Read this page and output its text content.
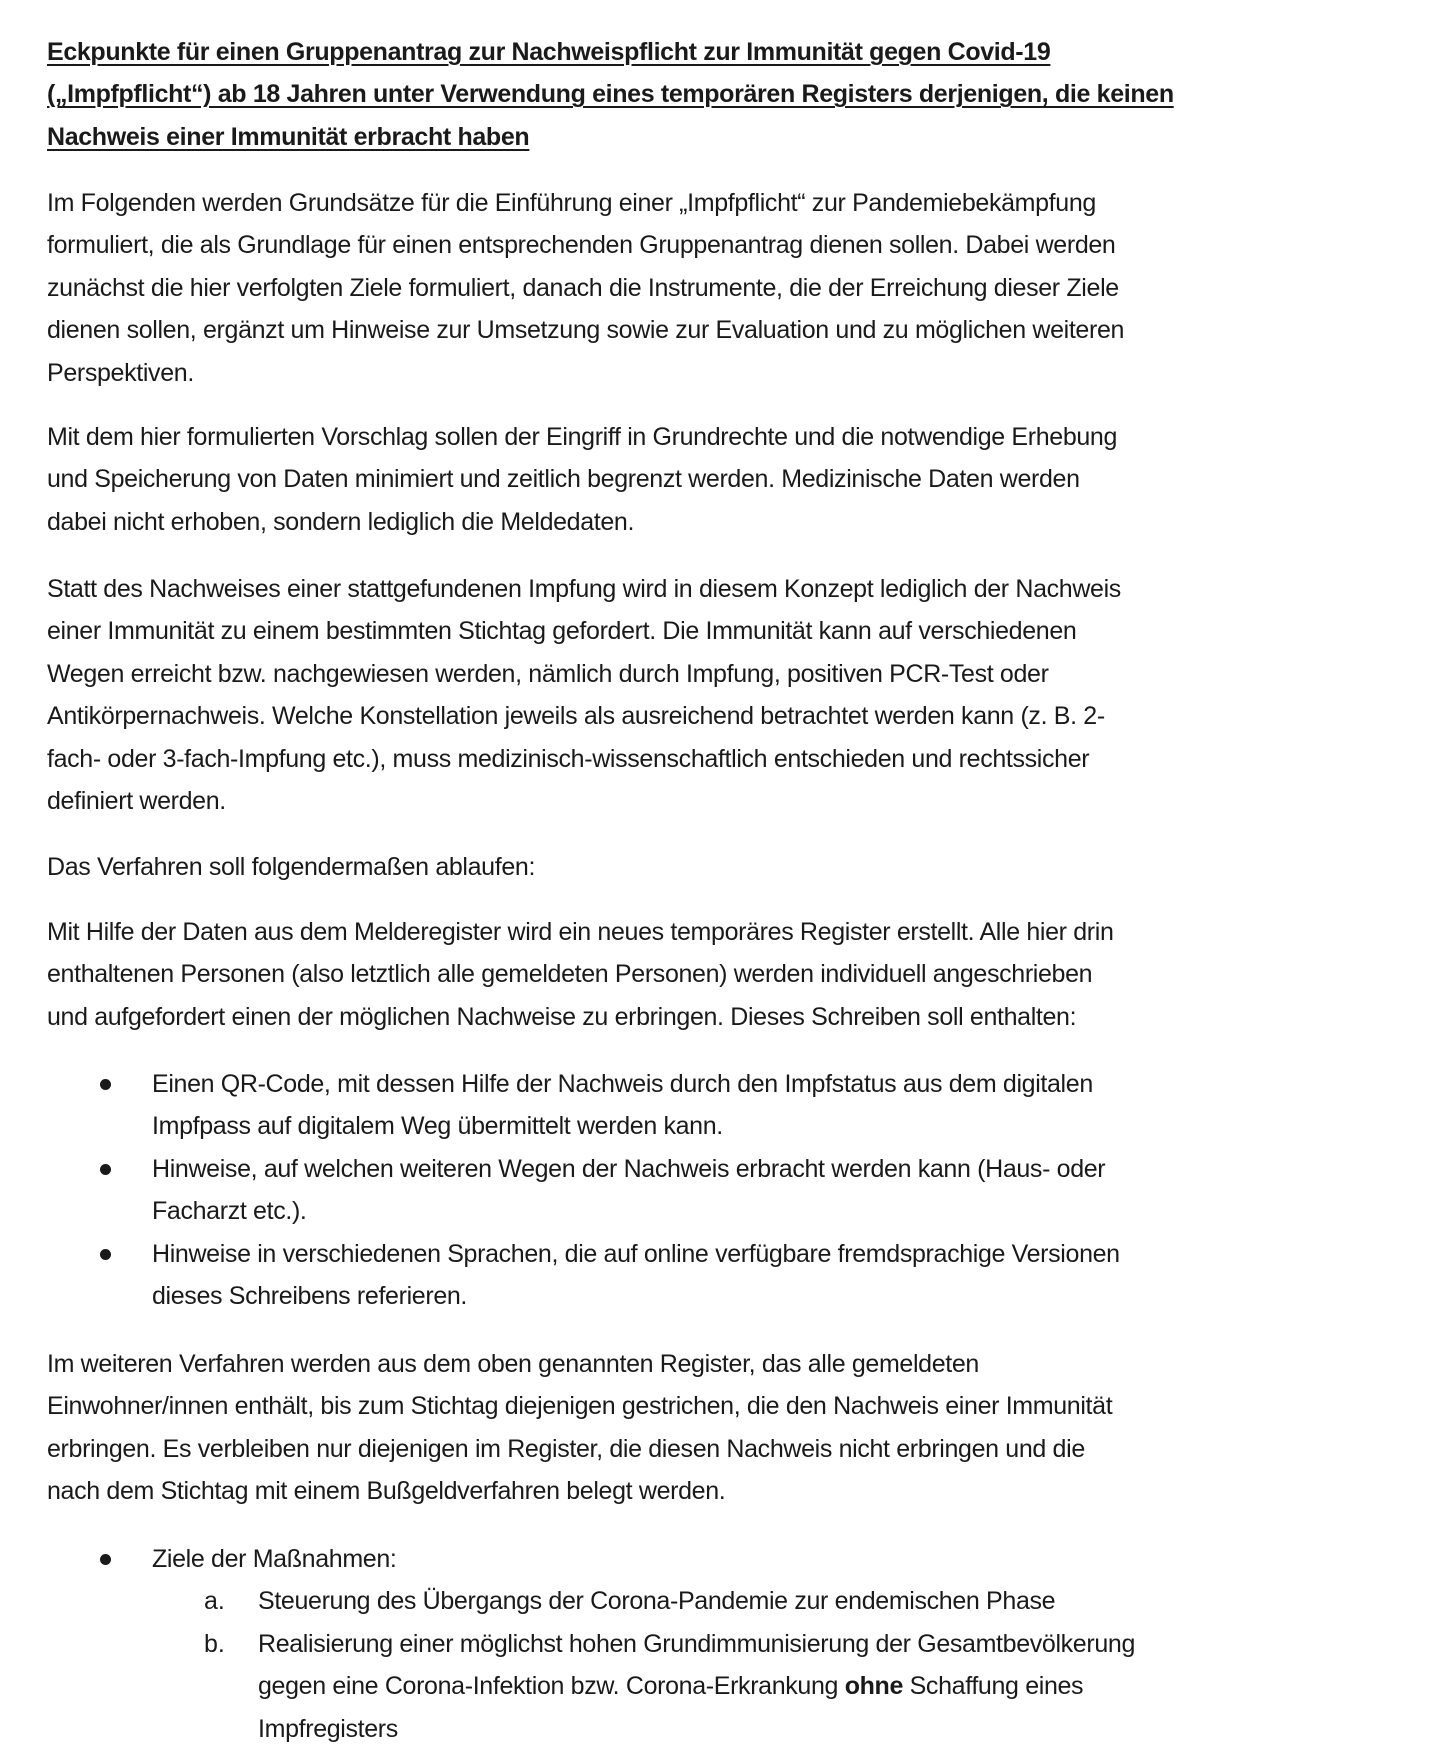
Eckpunkte für einen Gruppenantrag zur Nachweispflicht zur Immunität gegen Covid-19
(„Impfpflicht“) ab 18 Jahren unter Verwendung eines temporären Registers derjenigen, die keinen
Nachweis einer Immunität erbracht haben
Im Folgenden werden Grundsätze für die Einführung einer „Impfpflicht“ zur Pandemiebekämpfung
formuliert, die als Grundlage für einen entsprechenden Gruppenantrag dienen sollen. Dabei werden
zunächst die hier verfolgten Ziele formuliert, danach die Instrumente, die der Erreichung dieser Ziele
dienen sollen, ergänzt um Hinweise zur Umsetzung sowie zur Evaluation und zu möglichen weiteren
Perspektiven.
Mit dem hier formulierten Vorschlag sollen der Eingriff in Grundrechte und die notwendige Erhebung
und Speicherung von Daten minimiert und zeitlich begrenzt werden. Medizinische Daten werden
dabei nicht erhoben, sondern lediglich die Meldedaten.
Statt des Nachweises einer stattgefundenen Impfung wird in diesem Konzept lediglich der Nachweis
einer Immunität zu einem bestimmten Stichtag gefordert. Die Immunität kann auf verschiedenen
Wegen erreicht bzw. nachgewiesen werden, nämlich durch Impfung, positiven PCR-Test oder
Antikörpernachweis. Welche Konstellation jeweils als ausreichend betrachtet werden kann (z. B. 2-
fach- oder 3-fach-Impfung etc.), muss medizinisch-wissenschaftlich entschieden und rechtssicher
definiert werden.
Das Verfahren soll folgendermaßen ablaufen:
Mit Hilfe der Daten aus dem Melderegister wird ein neues temporäres Register erstellt. Alle hier drin
enthaltenen Personen (also letztlich alle gemeldeten Personen) werden individuell angeschrieben
und aufgefordert einen der möglichen Nachweise zu erbringen. Dieses Schreiben soll enthalten:
Einen QR-Code, mit dessen Hilfe der Nachweis durch den Impfstatus aus dem digitalen
Impfpass auf digitalem Weg übermittelt werden kann.
Hinweise, auf welchen weiteren Wegen der Nachweis erbracht werden kann (Haus- oder
Facharzt etc.).
Hinweise in verschiedenen Sprachen, die auf online verfügbare fremdsprachige Versionen
dieses Schreibens referieren.
Im weiteren Verfahren werden aus dem oben genannten Register, das alle gemeldeten
Einwohner/innen enthält, bis zum Stichtag diejenigen gestrichen, die den Nachweis einer Immunität
erbringen. Es verbleiben nur diejenigen im Register, die diesen Nachweis nicht erbringen und die
nach dem Stichtag mit einem Bußgeldverfahren belegt werden.
Ziele der Maßnahmen:
a. Steuerung des Übergangs der Corona-Pandemie zur endemischen Phase
b. Realisierung einer möglichst hohen Grundimmunisierung der Gesamtbevölkerung
gegen eine Corona-Infektion bzw. Corona-Erkrankung ohne Schaffung eines
Impfregisters
